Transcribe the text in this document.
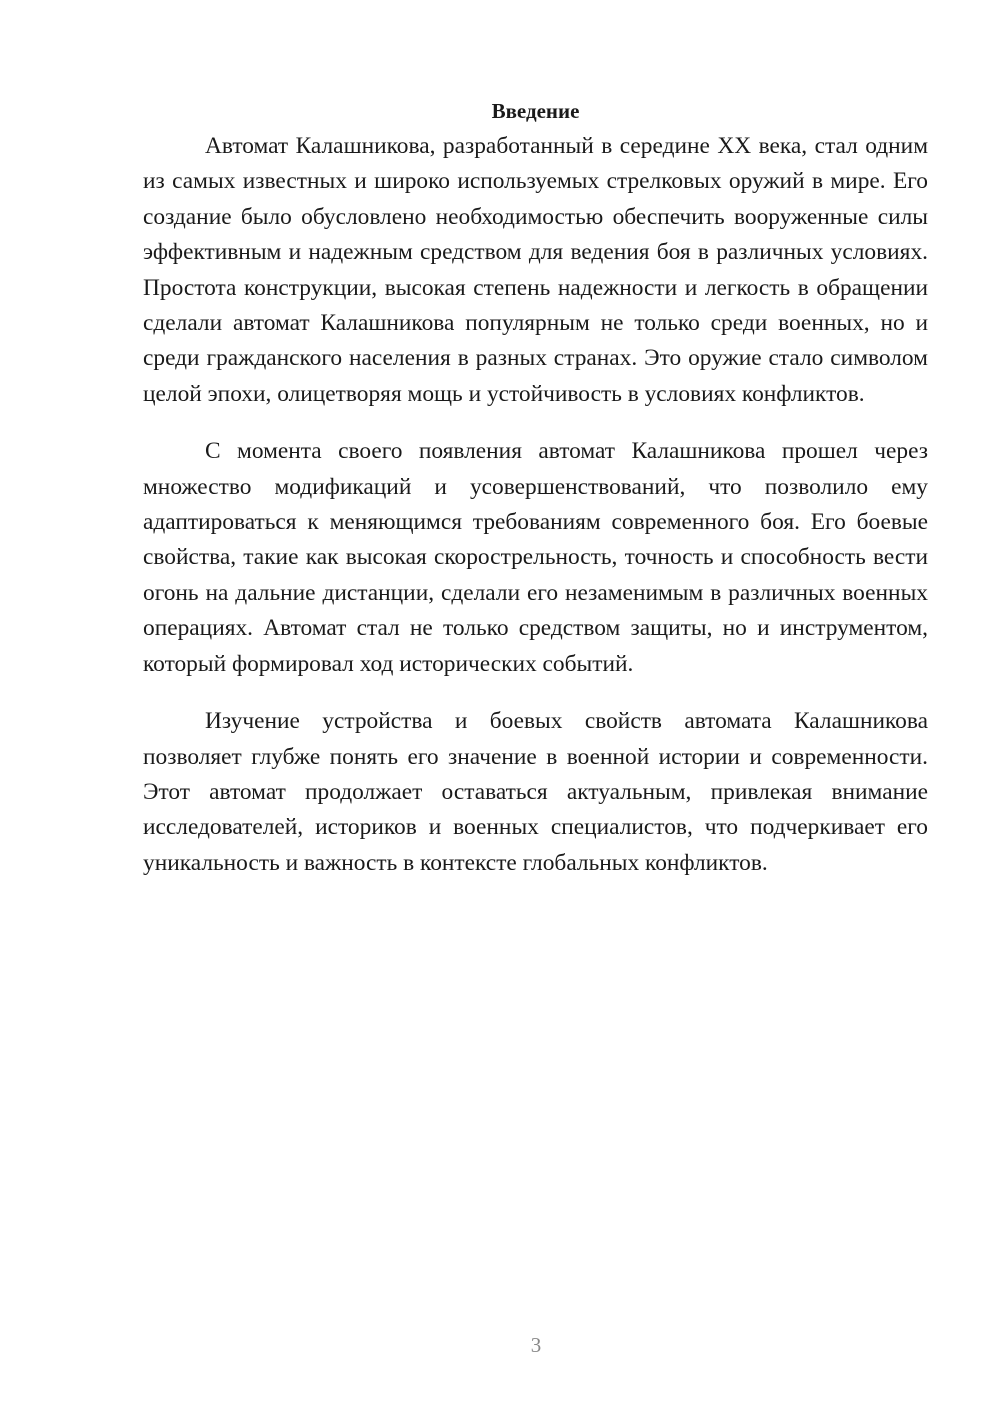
Введение

Автомат Калашникова, разработанный в середине XX века, стал одним из самых известных и широко используемых стрелковых оружий в мире. Его создание было обусловлено необходимостью обеспечить вооруженные силы эффективным и надежным средством для ведения боя в различных условиях. Простота конструкции, высокая степень надежности и легкость в обращении сделали автомат Калашникова популярным не только среди военных, но и среди гражданского населения в разных странах. Это оружие стало символом целой эпохи, олицетворяя мощь и устойчивость в условиях конфликтов.

С момента своего появления автомат Калашникова прошел через множество модификаций и усовершенствований, что позволило ему адаптироваться к меняющимся требованиям современного боя. Его боевые свойства, такие как высокая скорострельность, точность и способность вести огонь на дальние дистанции, сделали его незаменимым в различных военных операциях. Автомат стал не только средством защиты, но и инструментом, который формировал ход исторических событий.

Изучение устройства и боевых свойств автомата Калашникова позволяет глубже понять его значение в военной истории и современности. Этот автомат продолжает оставаться актуальным, привлекая внимание исследователей, историков и военных специалистов, что подчеркивает его уникальность и важность в контексте глобальных конфликтов.

3
